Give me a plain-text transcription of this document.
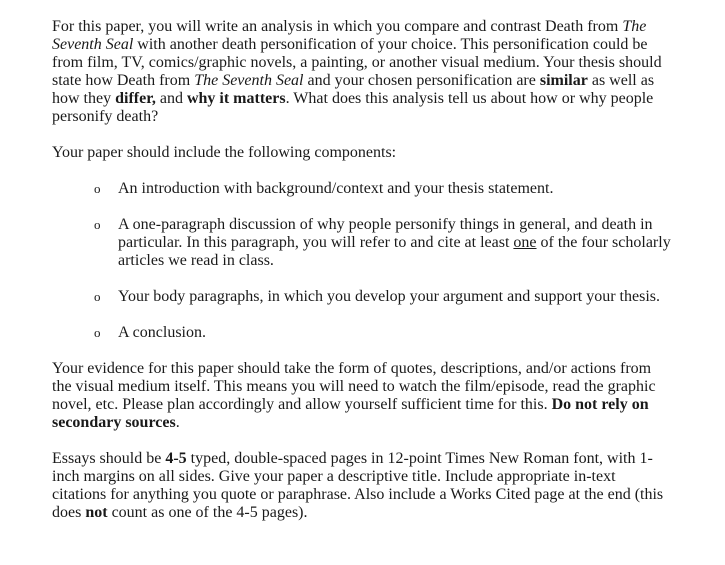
For this paper, you will write an analysis in which you compare and contrast Death from The Seventh Seal with another death personification of your choice. This personification could be from film, TV, comics/graphic novels, a painting, or another visual medium. Your thesis should state how Death from The Seventh Seal and your chosen personification are similar as well as how they differ, and why it matters. What does this analysis tell us about how or why people personify death?

Your paper should include the following components:

o An introduction with background/context and your thesis statement.
o A one-paragraph discussion of why people personify things in general, and death in particular. In this paragraph, you will refer to and cite at least one of the four scholarly articles we read in class.
o Your body paragraphs, in which you develop your argument and support your thesis.
o A conclusion.

Your evidence for this paper should take the form of quotes, descriptions, and/or actions from the visual medium itself. This means you will need to watch the film/episode, read the graphic novel, etc. Please plan accordingly and allow yourself sufficient time for this. Do not rely on secondary sources.

Essays should be 4-5 typed, double-spaced pages in 12-point Times New Roman font, with 1-inch margins on all sides. Give your paper a descriptive title. Include appropriate in-text citations for anything you quote or paraphrase. Also include a Works Cited page at the end (this does not count as one of the 4-5 pages).
